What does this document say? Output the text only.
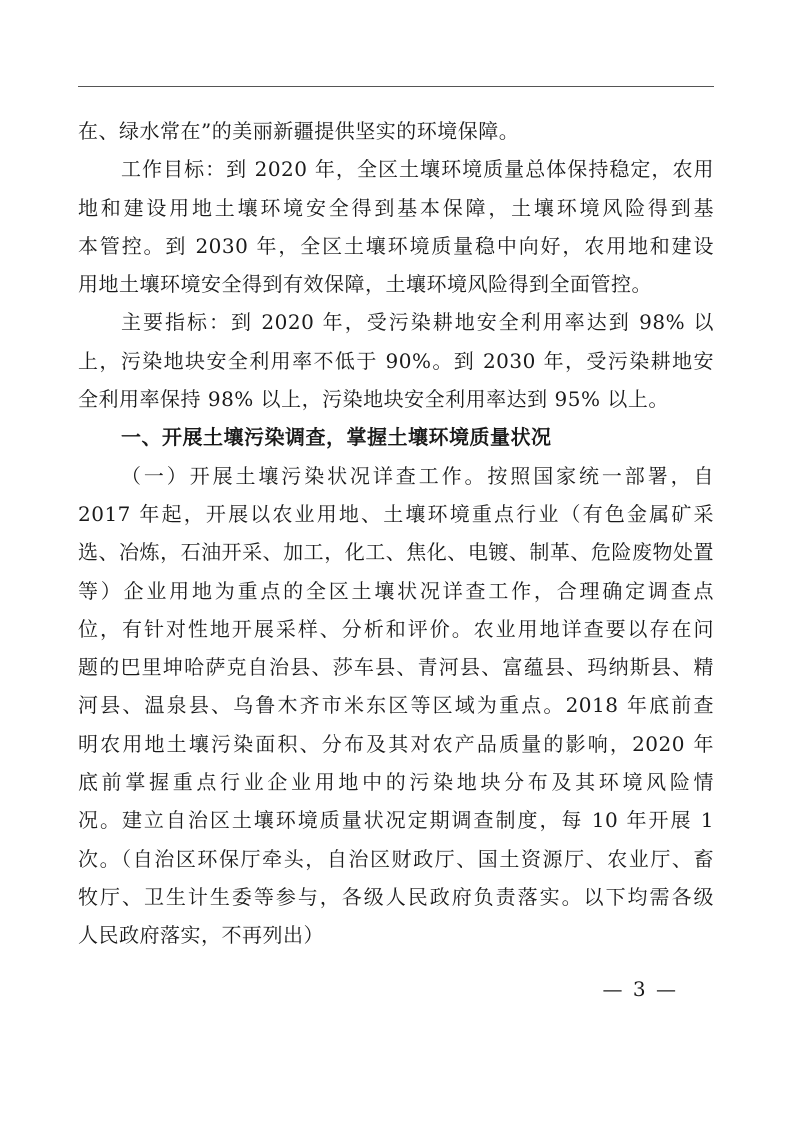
在、绿水常在”的美丽新疆提供坚实的环境保障。
工作目标：到 2020 年，全区土壤环境质量总体保持稳定，农用
地和建设用地土壤环境安全得到基本保障，土壤环境风险得到基
本管控。到 2030 年，全区土壤环境质量稳中向好，农用地和建设
用地土壤环境安全得到有效保障，土壤环境风险得到全面管控。
主要指标：到 2020 年，受污染耕地安全利用率达到 98% 以
上，污染地块安全利用率不低于 90%。到 2030 年，受污染耕地安
全利用率保持 98% 以上，污染地块安全利用率达到 95% 以上。
一、开展土壤污染调查，掌握土壤环境质量状况
（一）开展土壤污染状况详查工作。按照国家统一部署，自
2017 年起，开展以农业用地、土壤环境重点行业（有色金属矿采
选、冶炼，石油开采、加工，化工、焦化、电镀、制革、危险废物处置
等）企业用地为重点的全区土壤状况详查工作，合理确定调查点
位，有针对性地开展采样、分析和评价。农业用地详查要以存在问
题的巴里坤哈萨克自治县、莎车县、青河县、富蕴县、玛纳斯县、精
河县、温泉县、乌鲁木齐市米东区等区域为重点。2018 年底前查
明农用地土壤污染面积、分布及其对农产品质量的影响，2020 年
底前掌握重点行业企业用地中的污染地块分布及其环境风险情
况。建立自治区土壤环境质量状况定期调查制度，每 10 年开展 1
次。（自治区环保厅牵头，自治区财政厅、国土资源厅、农业厅、畜
牧厅、卫生计生委等参与，各级人民政府负责落实。以下均需各级
人民政府落实，不再列出）
— 3 —
